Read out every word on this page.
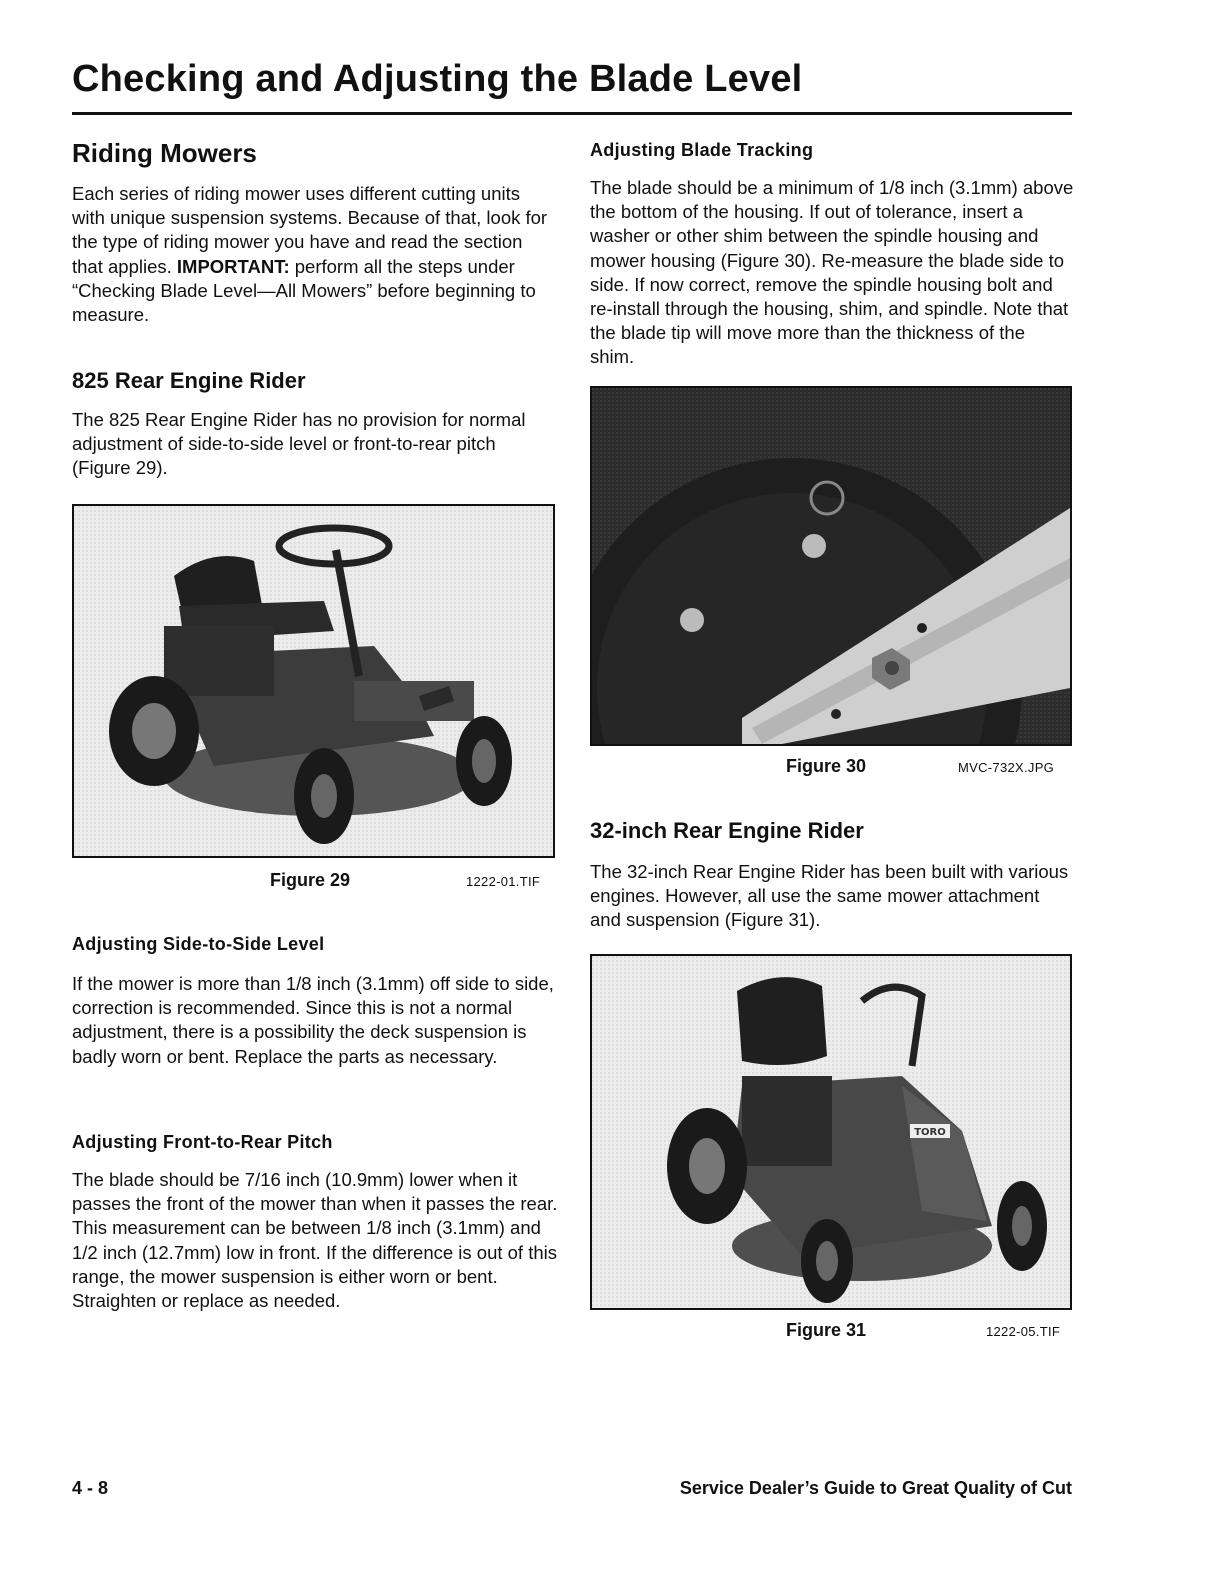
Checking and Adjusting the Blade Level
Riding Mowers

Each series of riding mower uses different cutting units with unique suspension systems. Because of that, look for the type of riding mower you have and read the section that applies. IMPORTANT: perform all the steps under “Checking Blade Level—All Mowers” before beginning to measure.

825 Rear Engine Rider

The 825 Rear Engine Rider has no provision for normal adjustment of side-to-side level or front-to-rear pitch (Figure 29).

Figure 29	1222-01.TIF
Adjusting Side-to-Side Level

If the mower is more than 1/8 inch (3.1mm) off side to side, correction is recommended. Since this is not a normal adjustment, there is a possibility the deck suspension is badly worn or bent. Replace the parts as necessary.

Adjusting Front-to-Rear Pitch

The blade should be 7/16 inch (10.9mm) lower when it passes the front of the mower than when it passes the rear. This measurement can be between 1/8 inch (3.1mm) and 1/2 inch (12.7mm) low in front. If the difference is out of this range, the mower suspension is either worn or bent. Straighten or replace as needed.

Adjusting Blade Tracking

The blade should be a minimum of 1/8 inch (3.1mm) above the bottom of the housing. If out of tolerance, insert a washer or other shim between the spindle housing and mower housing (Figure 30). Re-measure the blade side to side. If now correct, remove the spindle housing bolt and re-install through the housing, shim, and spindle. Note that the blade tip will move more than the thickness of the shim.

Figure 30	MVC-732X.JPG
32-inch Rear Engine Rider

The 32-inch Rear Engine Rider has been built with various engines. However, all use the same mower attachment and suspension (Figure 31).

TORO
Figure 31	1222-05.TIF
4 - 8	Service Dealer’s Guide to Great Quality of Cut
